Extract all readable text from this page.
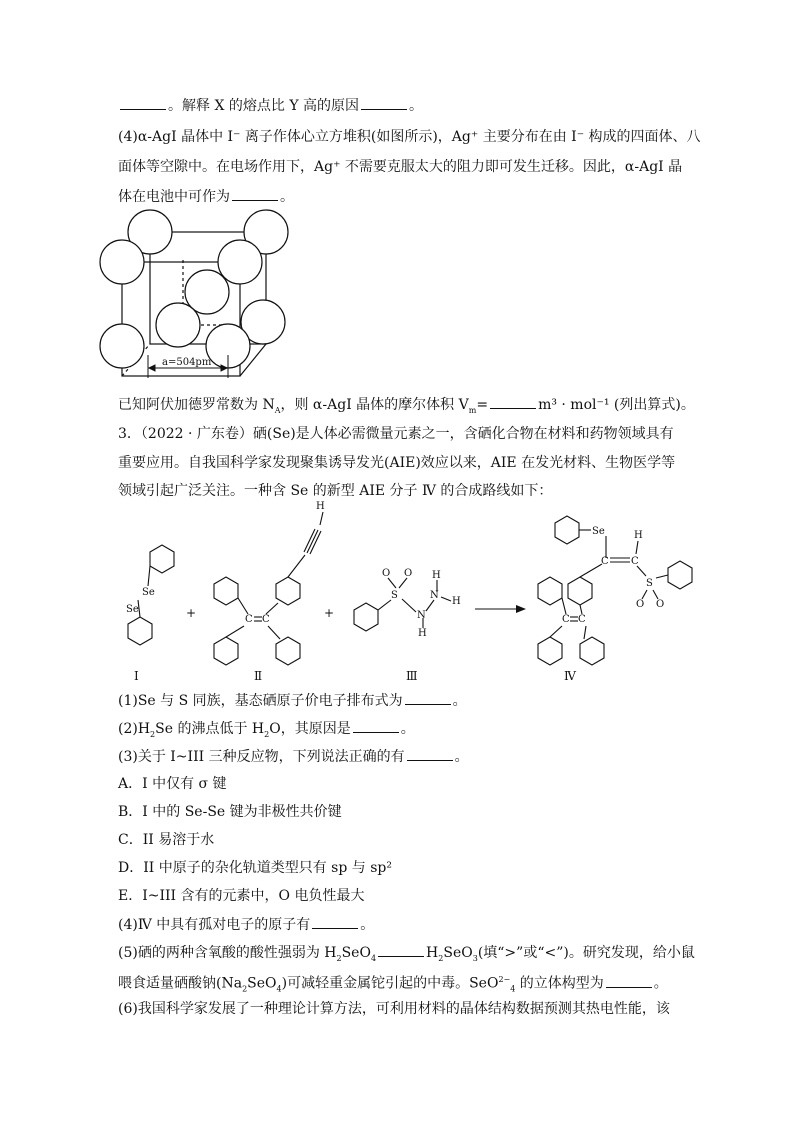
。解释 X 的熔点比 Y 高的原因	。
(4)α-AgI 晶体中 I⁻ 离子作体心立方堆积(如图所示)，Ag⁺ 主要分布在由 I⁻ 构成的四面体、八
面体等空隙中。在电场作用下，Ag⁺ 不需要克服太大的阻力即可发生迁移。因此，α-AgI 晶
体在电池中可作为	。
a=504pm
已知阿伏加德罗常数为 $N_A$，则 α-AgI 晶体的摩尔体积 $V_m=$	m³ · mol⁻¹ (列出算式)。
3．（2022 · 广东卷）硒(Se)是人体必需微量元素之一，含硒化合物在材料和药物领域具有
重要应用。自我国科学家发现聚集诱导发光(AIE)效应以来，AIE 在发光材料、生物医学等
领域引起广泛关注。一种含 Se 的新型 AIE 分子 Ⅳ 的合成路线如下：
Se
Se
H
C C
S
O O
N
N
H
H
H
Se	H
C C
S
O O
C C
+	+
Ⅰ	Ⅱ	Ⅲ	Ⅳ
(1)Se 与 S 同族，基态硒原子价电子排布式为	。
$(2)H_2Se$ 的沸点低于 $H_2O$，其原因是	。
(3)关于 I~III 三种反应物，下列说法正确的有	。
A．I 中仅有 σ 键
B．I 中的 Se-Se 键为非极性共价键
C．II 易溶于水
D．II 中原子的杂化轨道类型只有 sp 与 sp²
E．I~III 含有的元素中，O 电负性最大
(4)Ⅳ 中具有孤对电子的原子有	。
(5)硒的两种含氧酸的酸性强弱为 $H_2SeO_4$	$H_2SeO_3$(填“>”或“<”)。研究发现，给小鼠
喂食适量硒酸钠$(Na_2SeO_4)$可减轻重金属铊引起的中毒。SeO$^{2-}_4$ 的立体构型为	。
(6)我国科学家发展了一种理论计算方法，可利用材料的晶体结构数据预测其热电性能，该
